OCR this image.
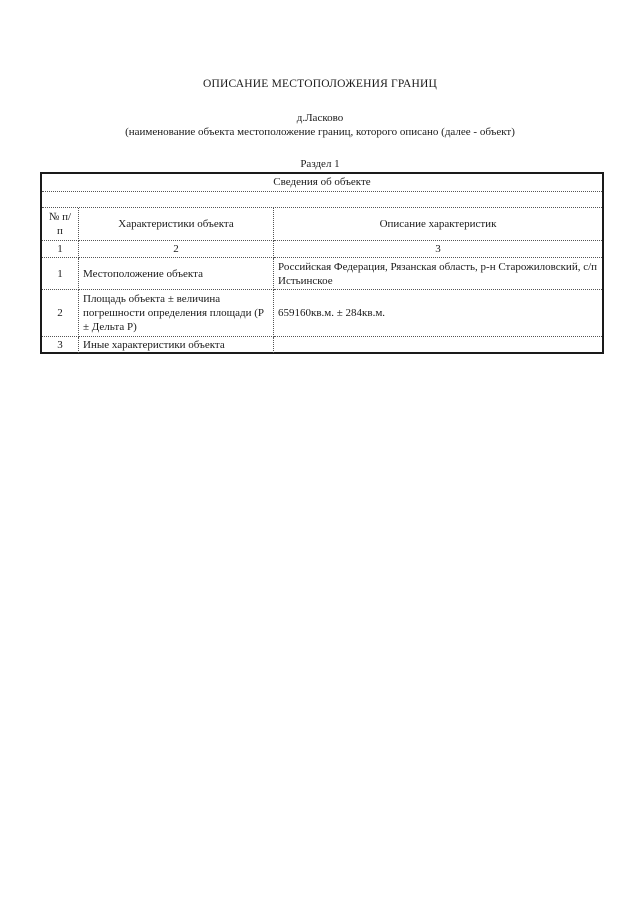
ОПИСАНИЕ МЕСТОПОЛОЖЕНИЯ ГРАНИЦ
д.Ласково
(наименование объекта местоположение границ, которого описано (далее - объект)
Раздел 1
Сведения об объекте
№ п/п	Характеристики объекта	Описание характеристик
1	2	3
1	Местоположение объекта	Российская Федерация, Рязанская область, р-н Старожиловский, с/п Истьинское
2	Площадь объекта ± величина погрешности определения площади (Р ± Дельта Р)	659160кв.м. ± 284кв.м.
3	Иные характеристики объекта	
